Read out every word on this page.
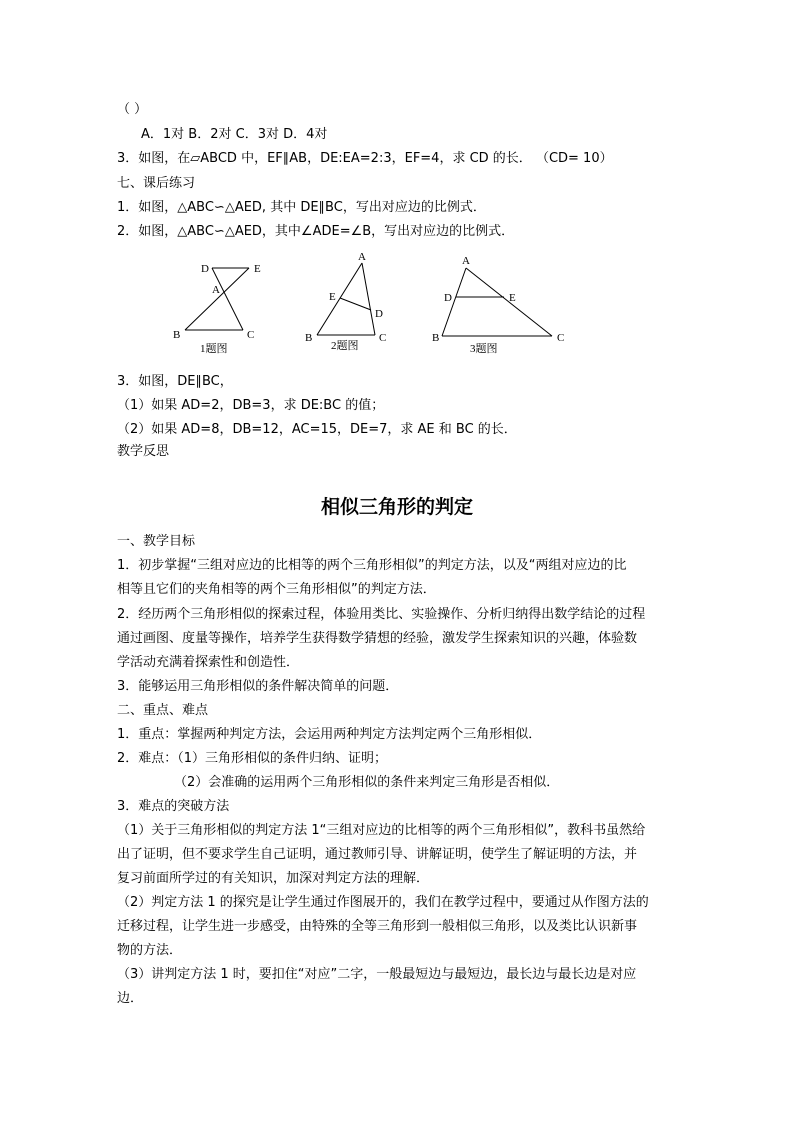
（ ）
A．1对 B．2对 C．3对 D．4对
3．如图，在▱ABCD 中，EF∥AB，DE:EA=2:3，EF=4，求 CD 的长． （CD= 10）
七、课后练习
1．如图，△ABC∽△AED, 其中 DE∥BC，写出对应边的比例式．
2．如图，△ABC∽△AED，其中∠ADE=∠B，写出对应边的比例式．
D	E
A
B	C
1题图
A
E
D
B	C
2题图
A
D	E
B	C
3题图
3．如图，DE∥BC，
（1）如果 AD=2，DB=3，求 DE:BC 的值；
（2）如果 AD=8，DB=12，AC=15，DE=7，求 AE 和 BC 的长．
教学反思
相似三角形的判定
一、教学目标
1．初步掌握“三组对应边的比相等的两个三角形相似”的判定方法，以及“两组对应边的比
相等且它们的夹角相等的两个三角形相似”的判定方法．
2．经历两个三角形相似的探索过程，体验用类比、实验操作、分析归纳得出数学结论的过程
通过画图、度量等操作，培养学生获得数学猜想的经验，激发学生探索知识的兴趣，体验数
学活动充满着探索性和创造性．
3．能够运用三角形相似的条件解决简单的问题．
二、重点、难点
1．重点：掌握两种判定方法，会运用两种判定方法判定两个三角形相似．
2．难点：（1）三角形相似的条件归纳、证明；
（2）会准确的运用两个三角形相似的条件来判定三角形是否相似．
3．难点的突破方法
（1）关于三角形相似的判定方法 1“三组对应边的比相等的两个三角形相似”，教科书虽然给
出了证明，但不要求学生自己证明，通过教师引导、讲解证明，使学生了解证明的方法，并
复习前面所学过的有关知识，加深对判定方法的理解．
（2）判定方法 1 的探究是让学生通过作图展开的，我们在教学过程中，要通过从作图方法的
迁移过程，让学生进一步感受，由特殊的全等三角形到一般相似三角形，以及类比认识新事
物的方法．
（3）讲判定方法 1 时，要扣住“对应”二字，一般最短边与最短边，最长边与最长边是对应
边．
